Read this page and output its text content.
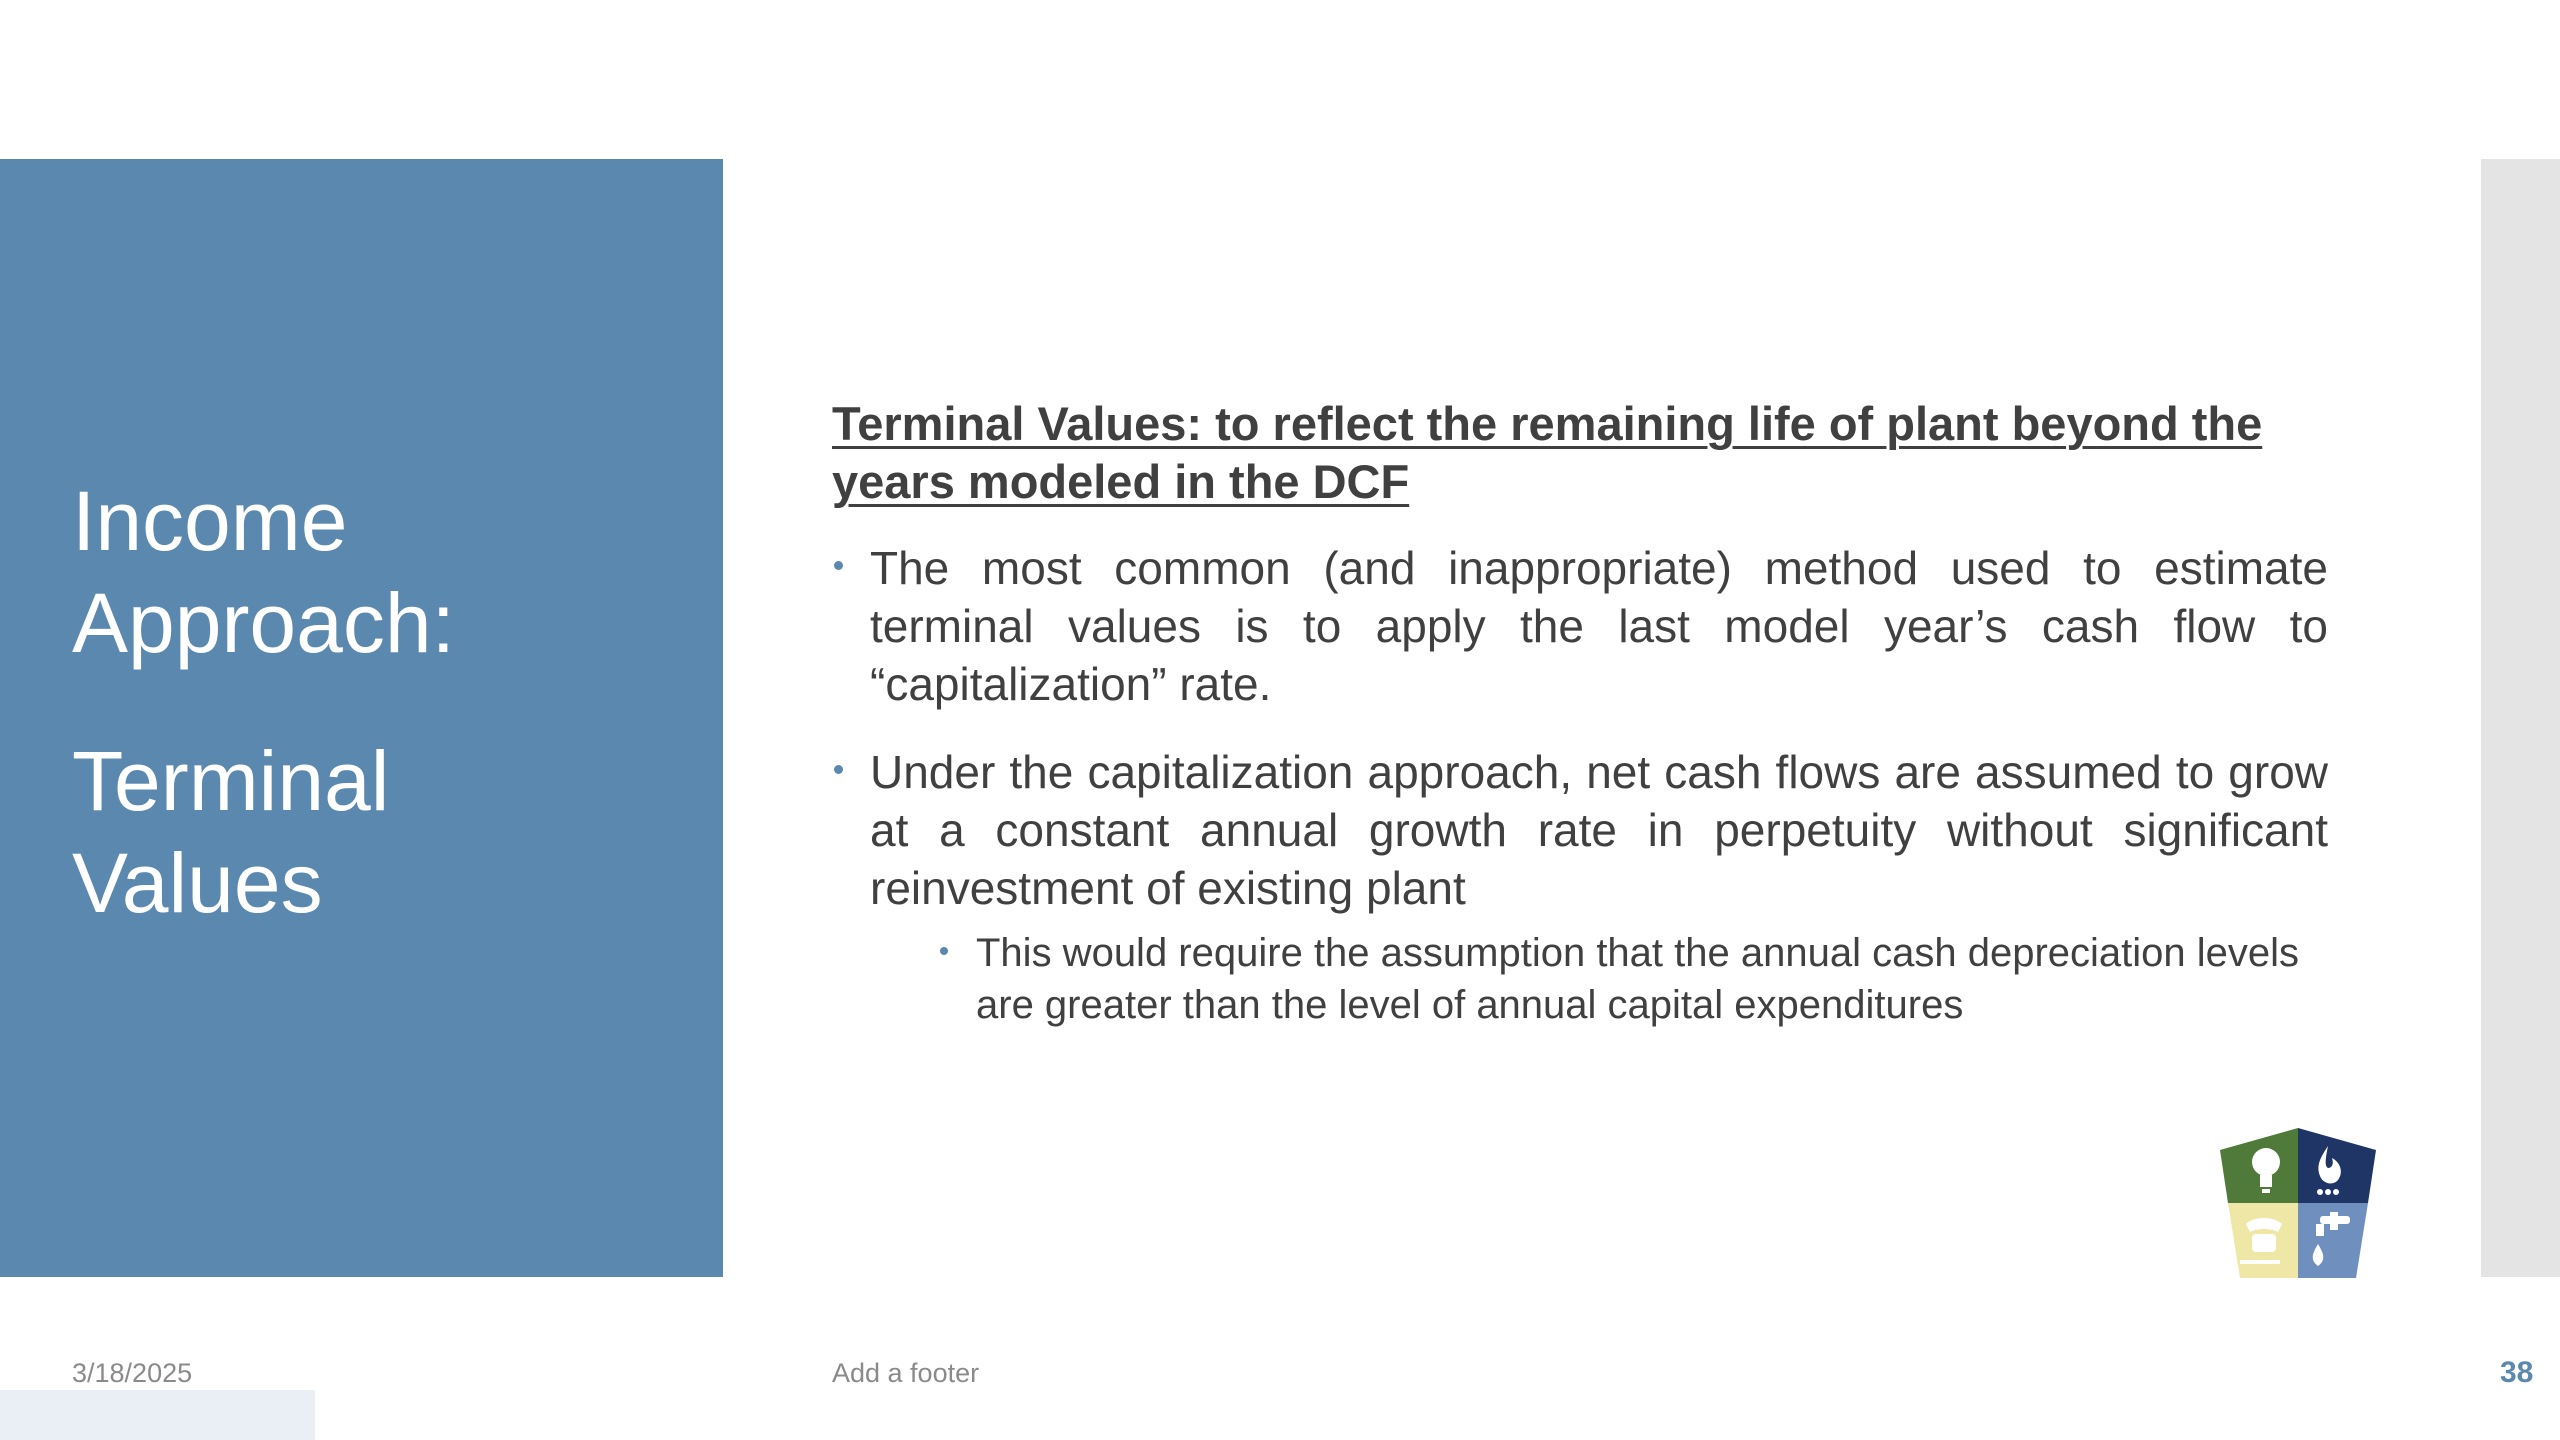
Income
Approach:
Terminal
Values

Terminal Values: to reflect the remaining life of plant beyond the years modeled in the DCF

The most common (and inappropriate) method used to estimate terminal values is to apply the last model year’s cash flow to “capitalization” rate.
Under the capitalization approach, net cash flows are assumed to grow at a constant annual growth rate in perpetuity without significant reinvestment of existing plant
This would require the assumption that the annual cash depreciation levels are greater than the level of annual capital expenditures
3/18/2025	Add a footer	38
